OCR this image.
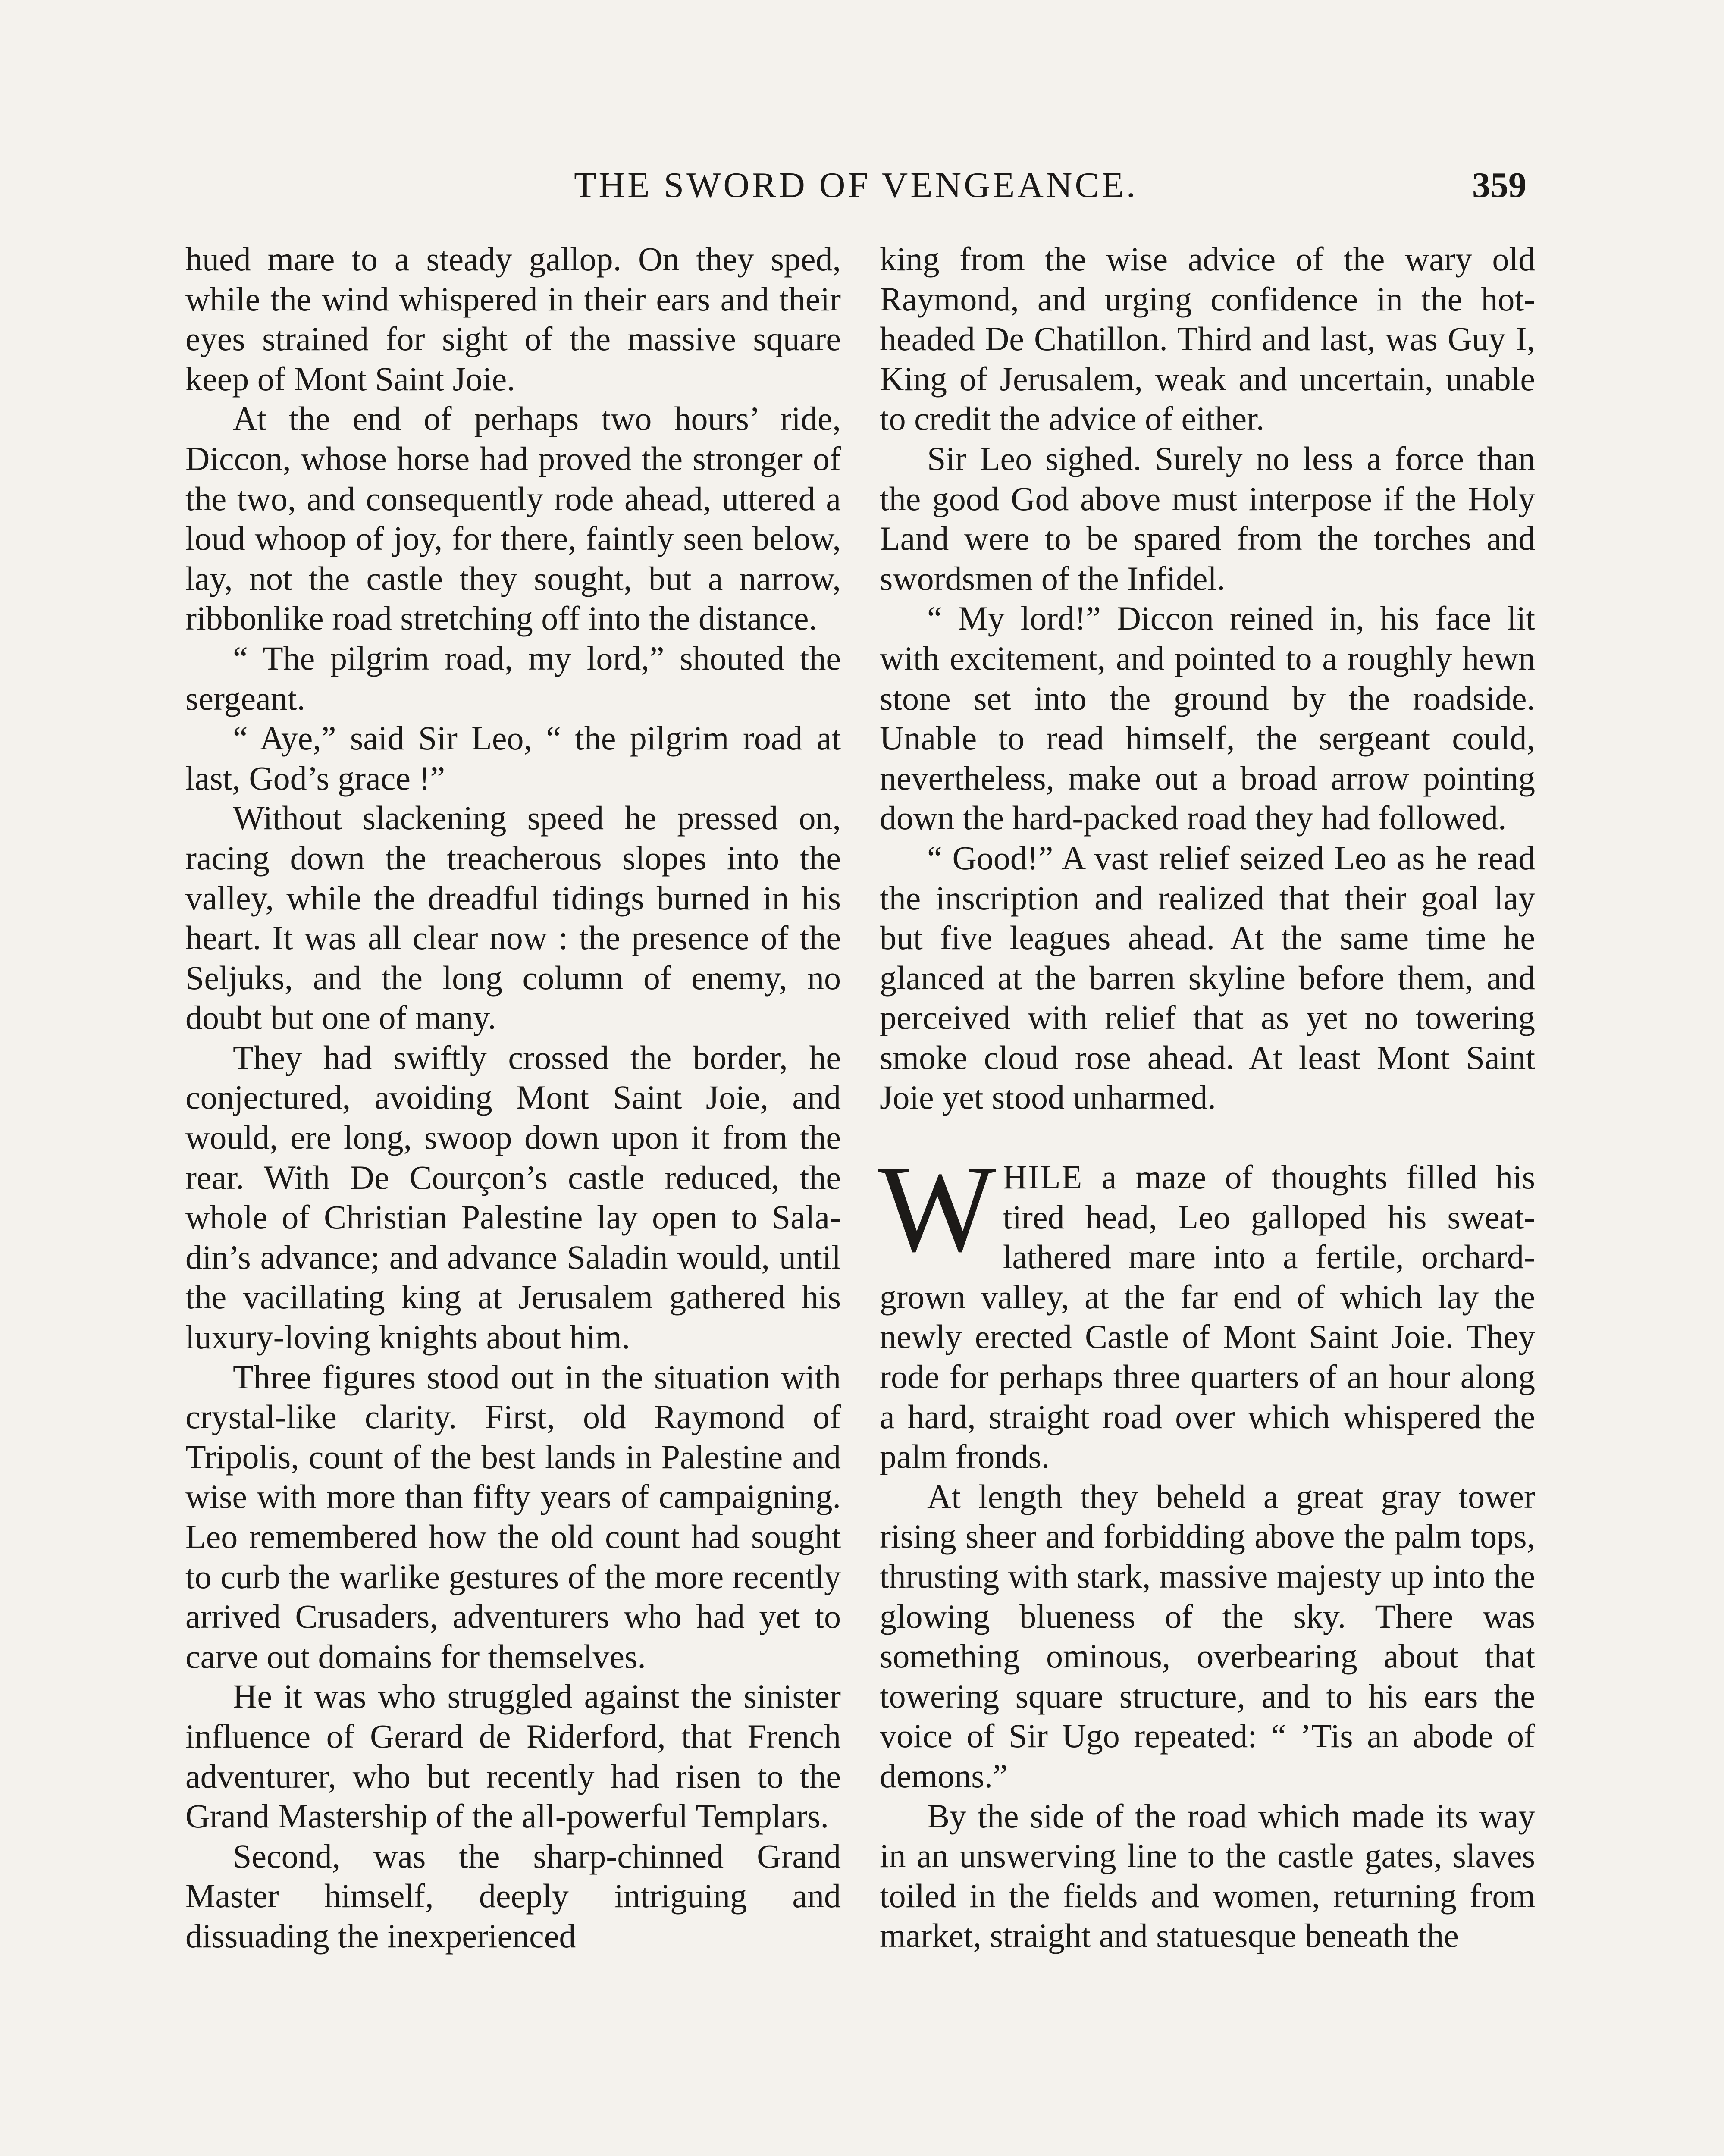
THE SWORD OF VENGEANCE.	359

hued mare to a steady gallop. On they sped, while the wind whispered in their ears and their eyes strained for sight of the massive square keep of Mont Saint Joie.

At the end of perhaps two hours’ ride, Diccon, whose horse had proved the stronger of the two, and consequently rode ahead, uttered a loud whoop of joy, for there, faintly seen below, lay, not the castle they sought, but a narrow, ribbonlike road stretching off into the distance.

“ The pilgrim road, my lord,” shouted the sergeant.

“ Aye,” said Sir Leo, “ the pilgrim road at last, God’s grace !”

Without slackening speed he pressed on, racing down the treacherous slopes into the valley, while the dreadful tidings burned in his heart. It was all clear now : the presence of the Seljuks, and the long column of enemy, no doubt but one of many.

They had swiftly crossed the border, he conjectured, avoiding Mont Saint Joie, and would, ere long, swoop down upon it from the rear. With De Courçon’s castle reduced, the whole of Christian Palestine lay open to Saladin’s advance; and advance Saladin would, until the vacillating king at Jerusalem gathered his luxury-loving knights about him.

Three figures stood out in the situation with crystal-like clarity. First, old Raymond of Tripolis, count of the best lands in Palestine and wise with more than fifty years of campaigning. Leo remembered how the old count had sought to curb the warlike gestures of the more recently arrived Crusaders, adventurers who had yet to carve out domains for themselves.

He it was who struggled against the sinister influence of Gerard de Riderford, that French adventurer, who but recently had risen to the Grand Mastership of the all-powerful Templars.

Second, was the sharp-chinned Grand Master himself, deeply intriguing and dissuading the inexperienced

king from the wise advice of the wary old Raymond, and urging confidence in the hot-headed De Chatillon. Third and last, was Guy I, King of Jerusalem, weak and uncertain, unable to credit the advice of either.

Sir Leo sighed. Surely no less a force than the good God above must interpose if the Holy Land were to be spared from the torches and swordsmen of the Infidel.

“ My lord!” Diccon reined in, his face lit with excitement, and pointed to a roughly hewn stone set into the ground by the roadside. Unable to read himself, the sergeant could, nevertheless, make out a broad arrow pointing down the hard-packed road they had followed.

“ Good!” A vast relief seized Leo as he read the inscription and realized that their goal lay but five leagues ahead. At the same time he glanced at the barren skyline before them, and perceived with relief that as yet no towering smoke cloud rose ahead. At least Mont Saint Joie yet stood unharmed.

WHILE a maze of thoughts filled his tired head, Leo galloped his sweat-lathered mare into a fertile, orchard-grown valley, at the far end of which lay the newly erected Castle of Mont Saint Joie. They rode for perhaps three quarters of an hour along a hard, straight road over which whispered the palm fronds.

At length they beheld a great gray tower rising sheer and forbidding above the palm tops, thrusting with stark, massive majesty up into the glowing blueness of the sky. There was something ominous, overbearing about that towering square structure, and to his ears the voice of Sir Ugo repeated: “ ’Tis an abode of demons.”

By the side of the road which made its way in an unswerving line to the castle gates, slaves toiled in the fields and women, returning from market, straight and statuesque beneath the
